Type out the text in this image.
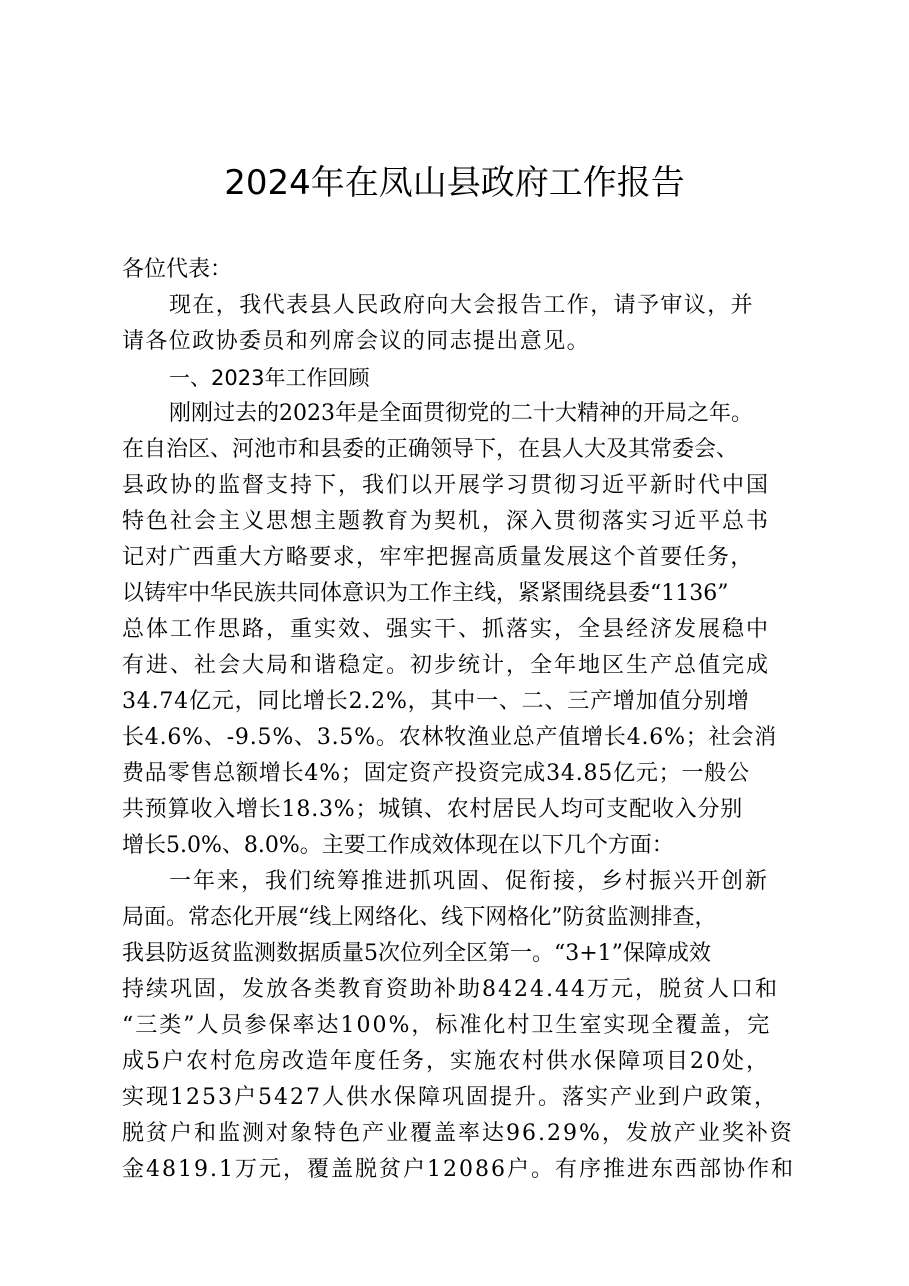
2024年在凤山县政府工作报告
各位代表：
现在，我代表县人民政府向大会报告工作，请予审议，并
请各位政协委员和列席会议的同志提出意见。
一、2023年工作回顾
刚刚过去的2023年是全面贯彻党的二十大精神的开局之年。
在自治区、河池市和县委的正确领导下，在县人大及其常委会、
县政协的监督支持下，我们以开展学习贯彻习近平新时代中国
特色社会主义思想主题教育为契机，深入贯彻落实习近平总书
记对广西重大方略要求，牢牢把握高质量发展这个首要任务，
以铸牢中华民族共同体意识为工作主线，紧紧围绕县委“1136”
总体工作思路，重实效、强实干、抓落实，全县经济发展稳中
有进、社会大局和谐稳定。初步统计，全年地区生产总值完成
34.74亿元，同比增长2.2%，其中一、二、三产增加值分别增
长4.6%、-9.5%、3.5%。农林牧渔业总产值增长4.6%；社会消
费品零售总额增长4%；固定资产投资完成34.85亿元；一般公
共预算收入增长18.3%；城镇、农村居民人均可支配收入分别
增长5.0%、8.0%。主要工作成效体现在以下几个方面：
一年来，我们统筹推进抓巩固、促衔接，乡村振兴开创新
局面。常态化开展“线上网络化、线下网格化”防贫监测排查，
我县防返贫监测数据质量5次位列全区第一。“3+1”保障成效
持续巩固，发放各类教育资助补助8424.44万元，脱贫人口和
“三类”人员参保率达100%，标准化村卫生室实现全覆盖，完
成5户农村危房改造年度任务，实施农村供水保障项目20处，
实现1253户5427人供水保障巩固提升。落实产业到户政策，
脱贫户和监测对象特色产业覆盖率达96.29%，发放产业奖补资
金4819.1万元，覆盖脱贫户12086户。有序推进东西部协作和
